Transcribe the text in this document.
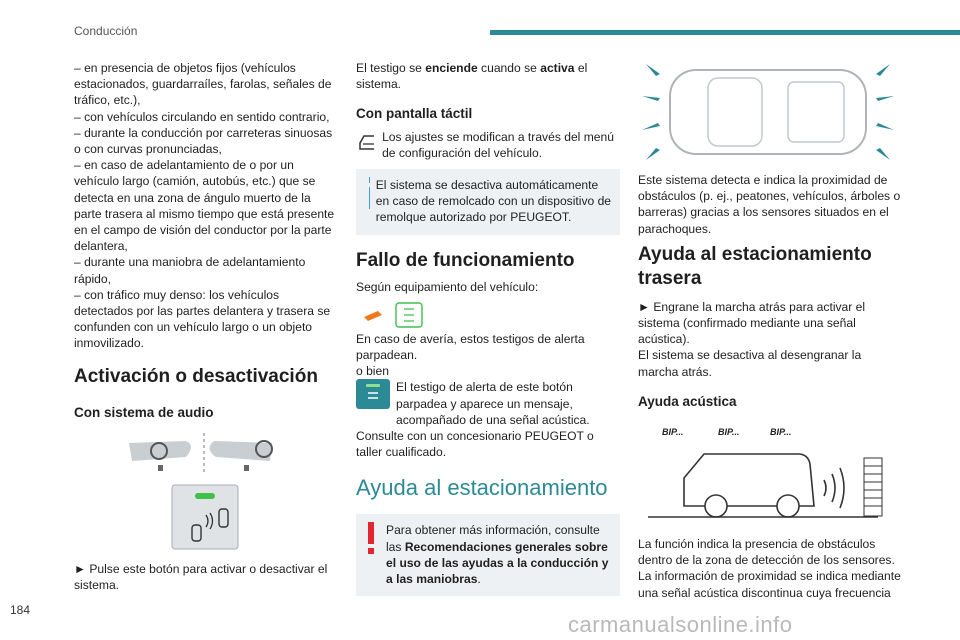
Conducción
184
carmanualsonline.info

– en presencia de objetos fijos (vehículos estacionados, guardarraíles, farolas, señales de tráfico, etc.),

– con vehículos circulando en sentido contrario,

– durante la conducción por carreteras sinuosas o con curvas pronunciadas,

– en caso de adelantamiento de o por un vehículo largo (camión, autobús, etc.) que se detecta en una zona de ángulo muerto de la parte trasera al mismo tiempo que está presente en el campo de visión del conductor por la parte delantera,

– durante una maniobra de adelantamiento rápido,

– con tráfico muy denso: los vehículos detectados por las partes delantera y trasera se confunden con un vehículo largo o un objeto inmovilizado.

Activación o desactivación
Con sistema de audio

► Pulse este botón para activar o desactivar el sistema.

El testigo se enciende cuando se activa el sistema.

Con pantalla táctil

Los ajustes se modifican a través del menú de configuración del vehículo.

El sistema se desactiva automáticamente en caso de remolcado con un dispositivo de remolque autorizado por PEUGEOT.

Fallo de funcionamiento

Según equipamiento del vehículo:

En caso de avería, estos testigos de alerta parpadean.

o bien

El testigo de alerta de este botón parpadea y aparece un mensaje, acompañado de una señal acústica.

Consulte con un concesionario PEUGEOT o taller cualificado.

Ayuda al estacionamiento

Para obtener más información, consulte las Recomendaciones generales sobre el uso de las ayudas a la conducción y a las maniobras.

Este sistema detecta e indica la proximidad de obstáculos (p. ej., peatones, vehículos, árboles o barreras) gracias a los sensores situados en el parachoques.

Ayuda al estacionamiento trasera

► Engrane la marcha atrás para activar el sistema (confirmado mediante una señal acústica).

El sistema se desactiva al desengranar la marcha atrás.

Ayuda acústica
BIP...	BIP...	BIP...

La función indica la presencia de obstáculos dentro de la zona de detección de los sensores. La información de proximidad se indica mediante una señal acústica discontinua cuya frecuencia
